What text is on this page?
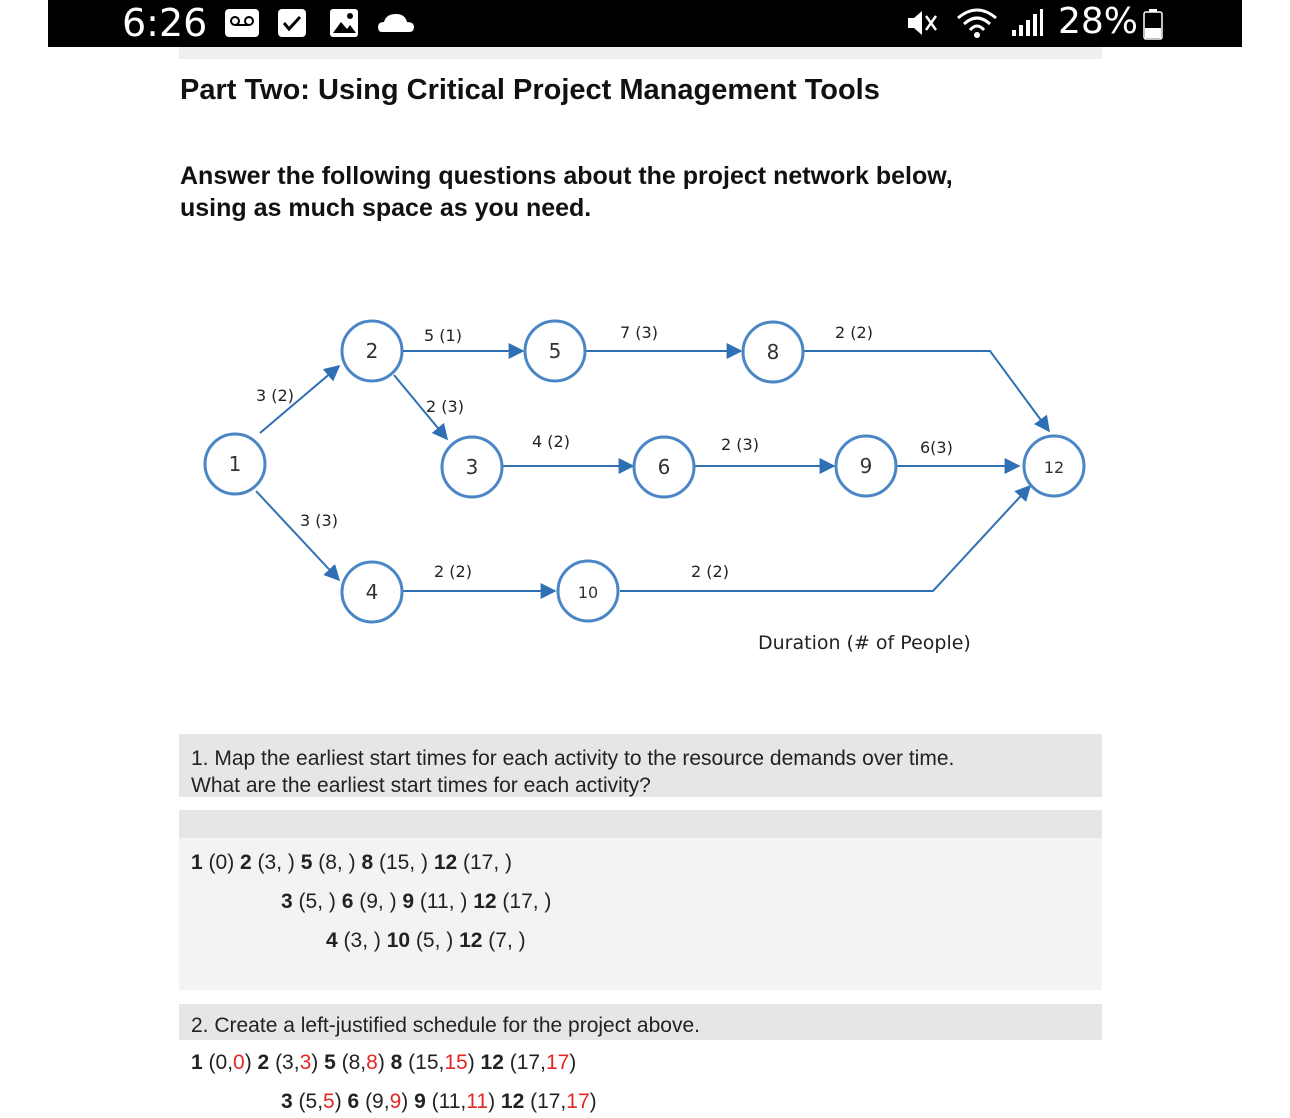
6:26	28%
Part Two: Using Critical Project Management Tools
Answer the following questions about the project network below,
using as much space as you need.
1
2
3
4
5
6
8
9
10
12
3 (2)
3 (3)
5 (1)
2 (3)
7 (3)	2 (2)
4 (2)	2 (3)	6(3)
2 (2)	2 (2)
Duration (# of People)
1. Map the earliest start times for each activity to the resource demands over time.
What are the earliest start times for each activity?
1 (0) 2 (3, ) 5 (8, ) 8 (15, ) 12 (17, )
3 (5, ) 6 (9, ) 9 (11, ) 12 (17, )
4 (3, ) 10 (5, ) 12 (7, )
2. Create a left-justified schedule for the project above.
1 (0,0) 2 (3,3) 5 (8,8) 8 (15,15) 12 (17,17)
3 (5,5) 6 (9,9) 9 (11,11) 12 (17,17)
